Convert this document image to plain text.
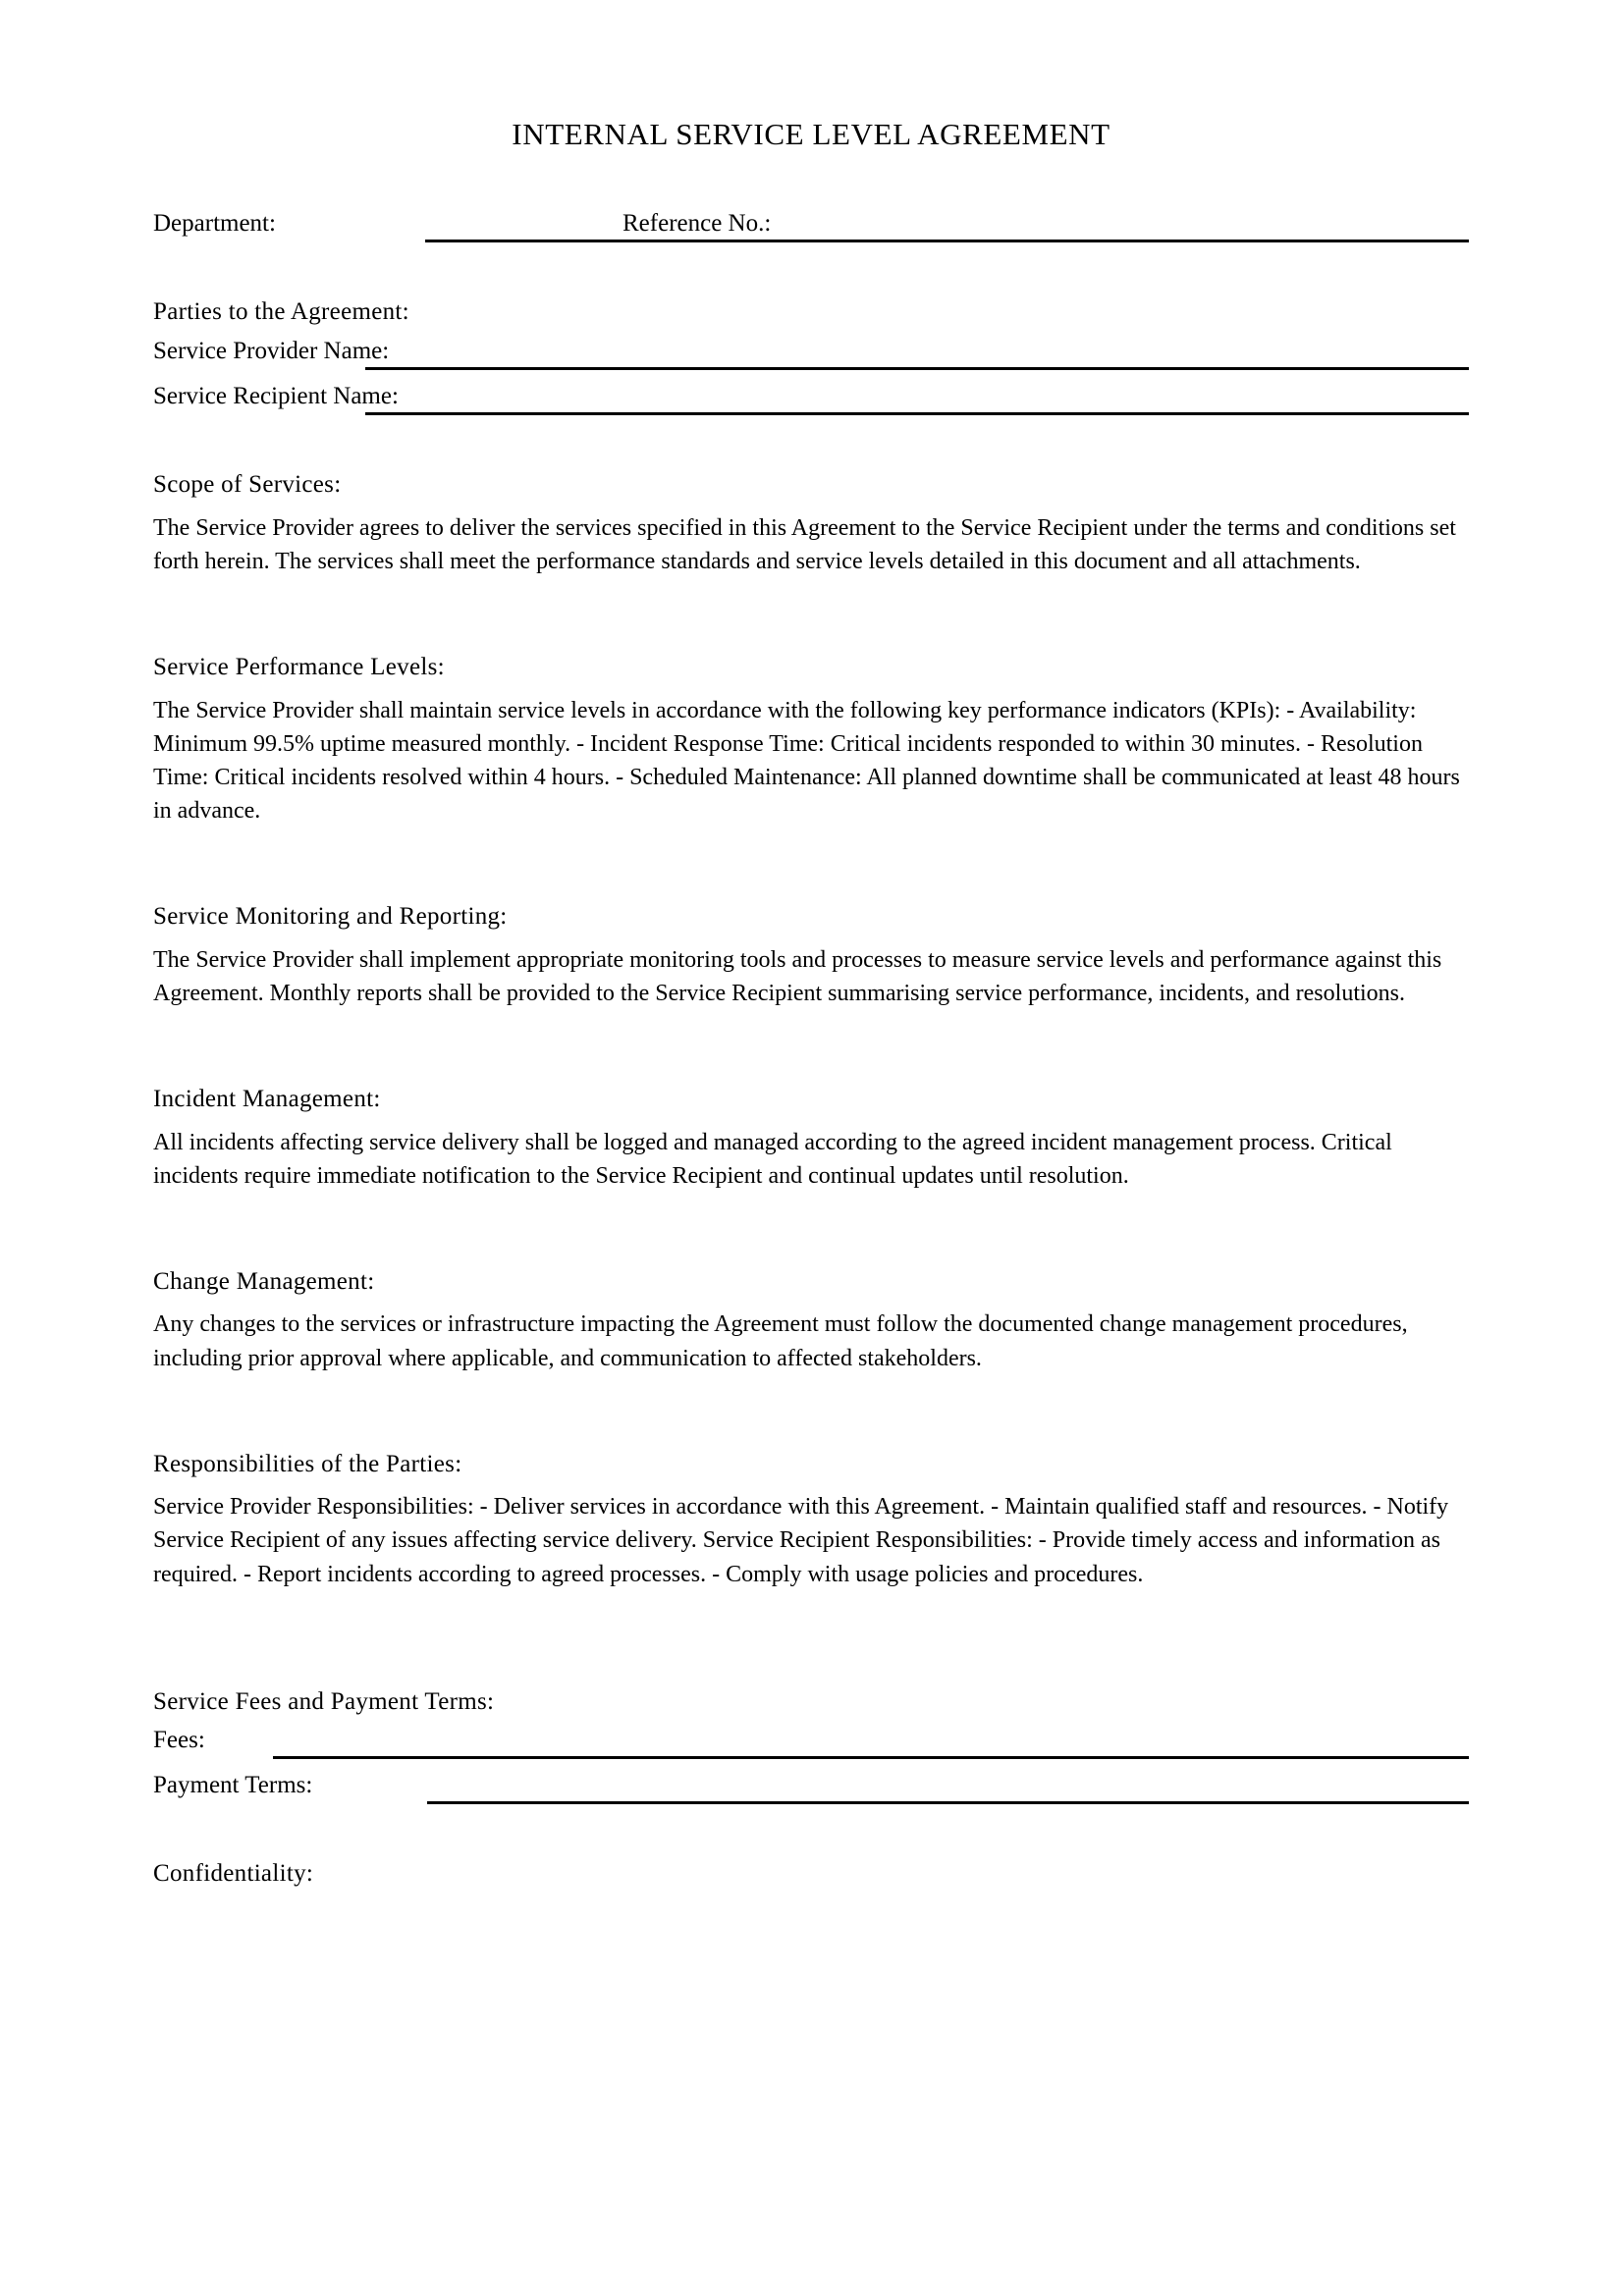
INTERNAL SERVICE LEVEL AGREEMENT
Department:	Reference No.:
Parties to the Agreement:
Service Provider Name:
Service Recipient Name:
Scope of Services:

The Service Provider agrees to deliver the services specified in this Agreement to the Service Recipient under the terms and conditions set forth herein. The services shall meet the performance standards and service levels detailed in this document and all attachments.

Service Performance Levels:

The Service Provider shall maintain service levels in accordance with the following key performance indicators (KPIs): - Availability: Minimum 99.5% uptime measured monthly. - Incident Response Time: Critical incidents responded to within 30 minutes. - Resolution Time: Critical incidents resolved within 4 hours. - Scheduled Maintenance: All planned downtime shall be communicated at least 48 hours in advance.

Service Monitoring and Reporting:

The Service Provider shall implement appropriate monitoring tools and processes to measure service levels and performance against this Agreement. Monthly reports shall be provided to the Service Recipient summarising service performance, incidents, and resolutions.

Incident Management:

All incidents affecting service delivery shall be logged and managed according to the agreed incident management process. Critical incidents require immediate notification to the Service Recipient and continual updates until resolution.

Change Management:

Any changes to the services or infrastructure impacting the Agreement must follow the documented change management procedures, including prior approval where applicable, and communication to affected stakeholders.

Responsibilities of the Parties:

Service Provider Responsibilities: - Deliver services in accordance with this Agreement. - Maintain qualified staff and resources. - Notify Service Recipient of any issues affecting service delivery. Service Recipient Responsibilities: - Provide timely access and information as required. - Report incidents according to agreed processes. - Comply with usage policies and procedures.

Service Fees and Payment Terms:
Fees:
Payment Terms:
Confidentiality:
